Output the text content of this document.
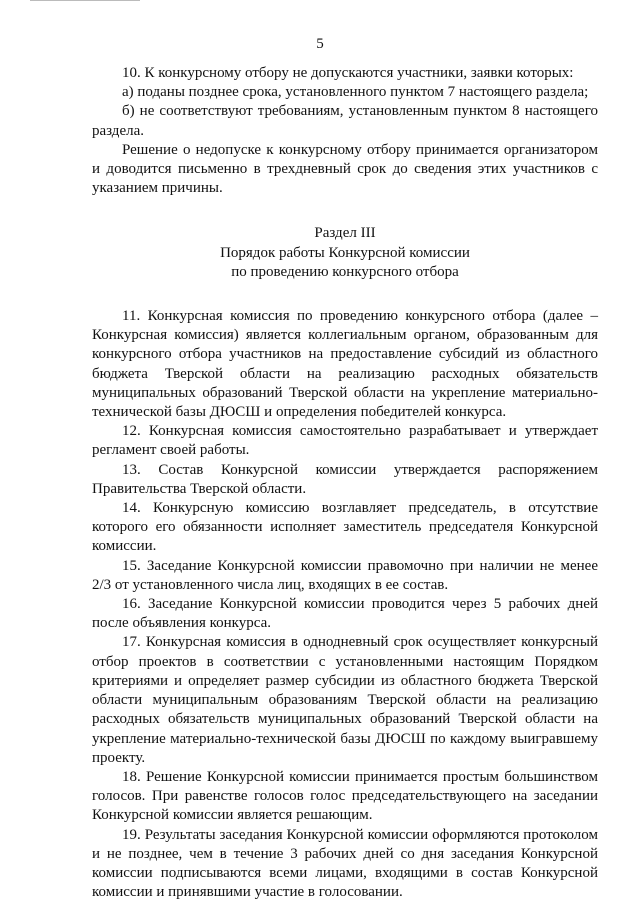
5

10. К конкурсному отбору не допускаются участники, заявки которых:

а) поданы позднее срока, установленного пунктом 7 настоящего раздела;

б) не соответствуют требованиям, установленным пунктом 8 настоящего раздела.

Решение о недопуске к конкурсному отбору принимается организатором и доводится письменно в трехдневный срок до сведения этих участников с указанием причины.

Раздел III
Порядок работы Конкурсной комиссии
по проведению конкурсного отбора

11. Конкурсная комиссия по проведению конкурсного отбора (далее – Конкурсная комиссия) является коллегиальным органом, образованным для конкурсного отбора участников на предоставление субсидий из областного бюджета Тверской области на реализацию расходных обязательств муниципальных образований Тверской области на укрепление материально-технической базы ДЮСШ и определения победителей конкурса.

12. Конкурсная комиссия самостоятельно разрабатывает и утверждает регламент своей работы.

13. Состав Конкурсной комиссии утверждается распоряжением Правительства Тверской области.

14. Конкурсную комиссию возглавляет председатель, в отсутствие которого его обязанности исполняет заместитель председателя Конкурсной комиссии.

15. Заседание Конкурсной комиссии правомочно при наличии не менее 2/3 от установленного числа лиц, входящих в ее состав.

16. Заседание Конкурсной комиссии проводится через 5 рабочих дней после объявления конкурса.

17. Конкурсная комиссия в однодневный срок осуществляет конкурсный отбор проектов в соответствии с установленными настоящим Порядком критериями и определяет размер субсидии из областного бюджета Тверской области муниципальным образованиям Тверской области на реализацию расходных обязательств муниципальных образований Тверской области на укрепление материально-технической базы ДЮСШ по каждому выигравшему проекту.

18. Решение Конкурсной комиссии принимается простым большинством голосов. При равенстве голосов голос председательствующего на заседании Конкурсной комиссии является решающим.

19. Результаты заседания Конкурсной комиссии оформляются протоколом и не позднее, чем в течение 3 рабочих дней со дня заседания Конкурсной комиссии подписываются всеми лицами, входящими в состав Конкурсной комиссии и принявшими участие в голосовании.
